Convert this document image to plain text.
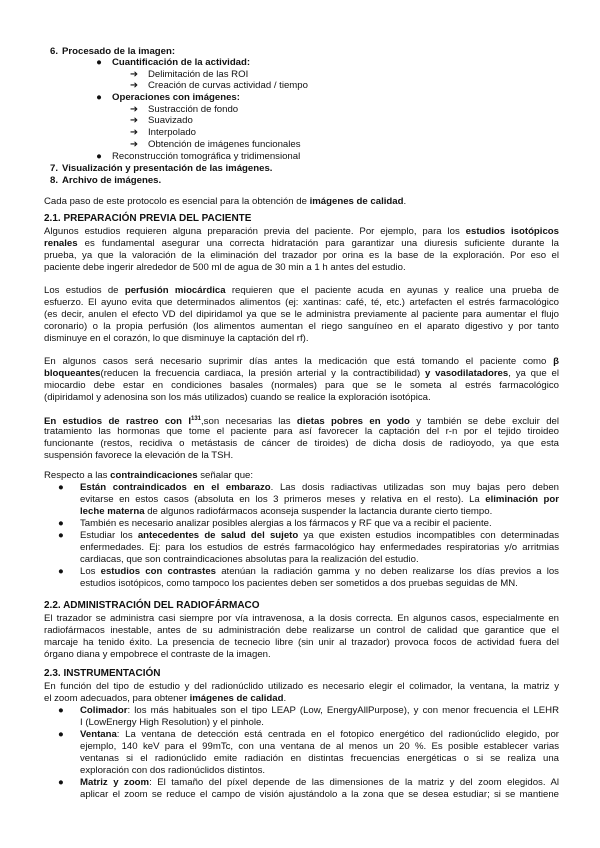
6. Procesado de la imagen:
● Cuantificación de la actividad:
➔ Delimitación de las ROI
➔ Creación de curvas actividad / tiempo
● Operaciones con imágenes:
➔ Sustracción de fondo
➔ Suavizado
➔ Interpolado
➔ Obtención de imágenes funcionales
● Reconstrucción tomográfica y tridimensional
7. Visualización y presentación de las imágenes.
8. Archivo de imágenes.
Cada paso de este protocolo es esencial para la obtención de imágenes de calidad.
2.1. PREPARACIÓN PREVIA DEL PACIENTE
Algunos estudios requieren alguna preparación previa del paciente. Por ejemplo, para los estudios isotópicos
renales es fundamental asegurar una correcta hidratación para garantizar una diuresis suficiente durante la
prueba, ya que la valoración de la eliminación del trazador por orina es la base de la exploración. Por eso el
paciente debe ingerir alrededor de 500 ml de agua de 30 min a 1 h antes del estudio.
Los estudios de perfusión miocárdica requieren que el paciente acuda en ayunas y realice una prueba de
esfuerzo. El ayuno evita que determinados alimentos (ej: xantinas: café, té, etc.) artefacten el estrés farmacológico
(es decir, anulen el efecto VD del dipiridamol ya que se le administra previamente al paciente para aumentar el flujo
coronario) o la propia perfusión (los alimentos aumentan el riego sanguíneo en el aparato digestivo y por tanto
disminuye en el corazón, lo que disminuye la captación del rf).
En algunos casos será necesario suprimir días antes la medicación que está tomando el paciente como β
bloqueantes(reducen la frecuencia cardiaca, la presión arterial y la contractibilidad) y vasodilatadores, ya que el
miocardio debe estar en condiciones basales (normales) para que se le someta al estrés farmacológico
(dipiridamol y adenosina son los más utilizados) cuando se realice la exploración isotópica.
En estudios de rastreo con $I^{131},son$ necesarias las dietas pobres en yodo y también se debe excluir del
tratamiento las hormonas que tome el paciente para así favorecer la captación del r-n por el tejido tiroideo
funcionante (restos, recidiva o metástasis de cáncer de tiroides) de dicha dosis de radioyodo, ya que esta
suspensión favorece la elevación de la TSH.
Respecto a las contraindicaciones señalar que:
● Están contraindicados en el embarazo. Las dosis radiactivas utilizadas son muy bajas pero deben
evitarse en estos casos (absoluta en los 3 primeros meses y relativa en el resto). La eliminación por
leche materna de algunos radiofármacos aconseja suspender la lactancia durante cierto tiempo.
● También es necesario analizar posibles alergias a los fármacos y RF que va a recibir el paciente.
● Estudiar los antecedentes de salud del sujeto ya que existen estudios incompatibles con determinadas
enfermedades. Ej: para los estudios de estrés farmacológico hay enfermedades respiratorias y/o arritmias
cardiacas, que son contraindicaciones absolutas para la realización del estudio.
● Los estudios con contrastes atenúan la radiación gamma y no deben realizarse los días previos a los
estudios isotópicos, como tampoco los pacientes deben ser sometidos a dos pruebas seguidas de MN.
2.2. ADMINISTRACIÓN DEL RADIOFÁRMACO
El trazador se administra casi siempre por vía intravenosa, a la dosis correcta. En algunos casos, especialmente en
radiofármacos inestable, antes de su administración debe realizarse un control de calidad que garantice que el
marcaje ha tenido éxito. La presencia de tecnecio libre (sin unir al trazador) provoca focos de actividad fuera del
órgano diana y empobrece el contraste de la imagen.
2.3. INSTRUMENTACIÓN
En función del tipo de estudio y del radionúclido utilizado es necesario elegir el colimador, la ventana, la matriz y
el zoom adecuados, para obtener imágenes de calidad.
● Colimador: los más habituales son el tipo LEAP (Low, EnergyAllPurpose), y con menor frecuencia el LEHR
I (LowEnergy High Resolution) y el pinhole.
● Ventana: La ventana de detección está centrada en el fotopico energético del radionúclido elegido, por
ejemplo, 140 keV para el 99mTc, con una ventana de al menos un 20 %. Es posible establecer varias
ventanas si el radionúclido emite radiación en distintas frecuencias energéticas o si se realiza una
exploración con dos radionúclidos distintos.
● Matriz y zoom: El tamaño del píxel depende de las dimensiones de la matriz y del zoom elegidos. Al
aplicar el zoom se reduce el campo de visión ajustándolo a la zona que se desea estudiar; si se mantiene
